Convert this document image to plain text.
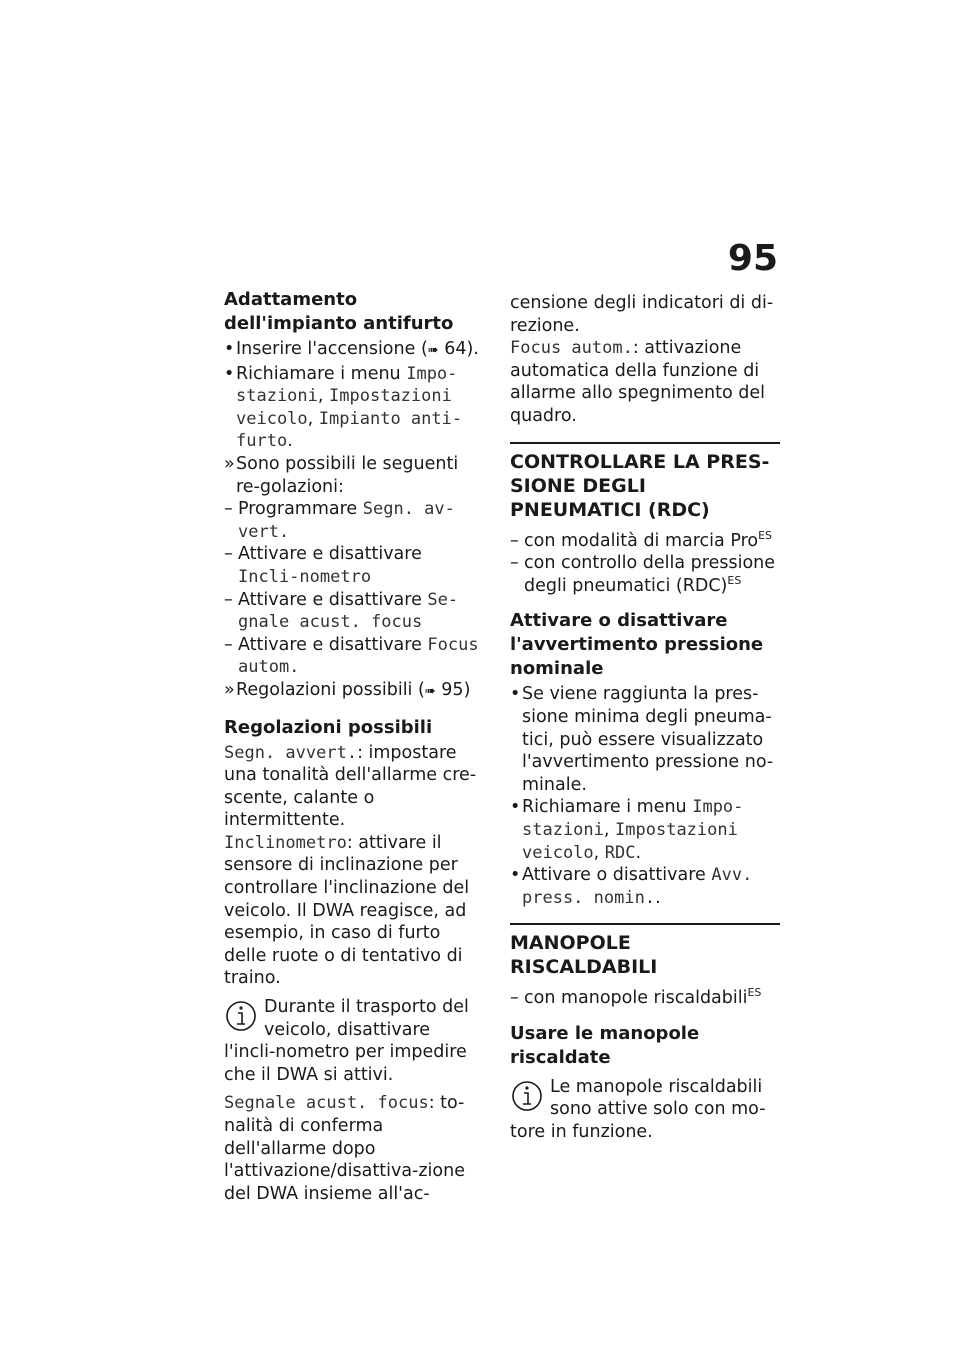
95
Adattamento dell'impianto antifurto
• Inserire l'accensione (➠ 64).
• Richiamare i menu Impo-stazioni, Impostazioni veicolo, Impianto anti-furto.
» Sono possibili le seguenti re-golazioni:
– Programmare Segn. av-vert.
– Attivare e disattivare Incli-nometro
– Attivare e disattivare Se-gnale acust. focus
– Attivare e disattivare Focus autom.
» Regolazioni possibili (➠ 95)
Regolazioni possibili

Segn. avvert.: impostare una tonalità dell'allarme cre-scente, calante o intermittente.

Inclinometro: attivare il sensore di inclinazione per controllare l'inclinazione del veicolo. Il DWA reagisce, ad esempio, in caso di furto delle ruote o di tentativo di traino.

Durante il trasporto del veicolo, disattivare l'incli-nometro per impedire che il DWA si attivi.

Segnale acust. focus: to-nalità di conferma dell'allarme dopo l'attivazione/disattiva-zione del DWA insieme all'ac-

censione degli indicatori di di-rezione.

Focus autom.: attivazione automatica della funzione di allarme allo spegnimento del quadro.

CONTROLLARE LA PRES-SIONE DEGLI PNEUMATICI (RDC)
– con modalità di marcia Pro$^{ES}$
– con controllo della pressione degli pneumatici (RDC)$^{ES}$
Attivare o disattivare l'avvertimento pressione nominale
• Se viene raggiunta la pres-sione minima degli pneuma-tici, può essere visualizzato l'avvertimento pressione no-minale.
• Richiamare i menu Impo-stazioni, Impostazioni veicolo, RDC.
• Attivare o disattivare Avv. press. nomin..
MANOPOLE RISCALDABILI
– con manopole riscaldabili$^{ES}$
Usare le manopole riscaldate
Le manopole riscaldabili sono attive solo con mo-tore in funzione.
